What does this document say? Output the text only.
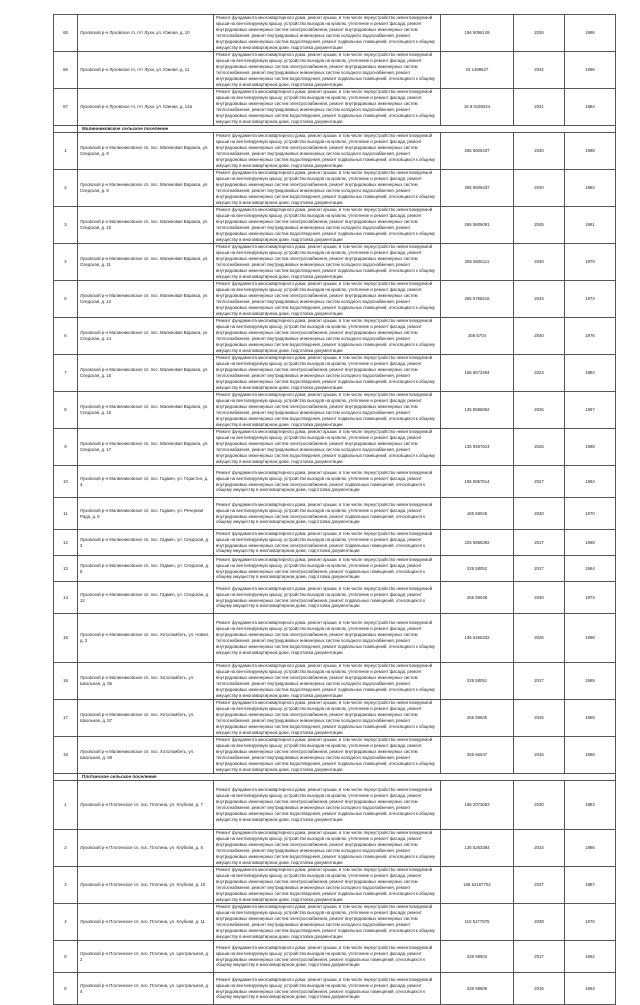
65	Луховской р-н Луховское гп, пгт Лухи, ул. Южная, д. 10	Ремонт фундамента многоквартирного дома, ремонт крыши, в том числе переустройство невентилируемой крыши на вентилируемую крышу, устройство выходов на кровлю, утепление и ремонт фасада, ремонт внутридомовых инженерных систем электроснабжения, ремонт внутридомовых инженерных систем теплоснабжения, ремонт внутридомовых инженерных систем холодного водоснабжения, ремонт внутридомовых инженерных систем водоотведения, ремонт подвальных помещений, относящихся к общему имуществу в многоквартирном доме, подготовка документации	156 5096149	2026	1986
66	Луховской р-н Луховское гп, пгт Лухи, ул. Южная, д. 11	Ремонт фундамента многоквартирного дома, ремонт крыши, в том числе переустройство невентилируемой крыши на вентилируемую крышу, устройство выходов на кровлю, утепление и ремонт фасада, ремонт внутридомовых инженерных систем электроснабжения, ремонт внутридомовых инженерных систем теплоснабжения, ремонт внутридомовых инженерных систем холодного водоснабжения, ремонт внутридомовых инженерных систем водоотведения, ремонт подвальных помещений, относящихся к общему имуществу в многоквартирном доме, подготовка документации	15 1488627	2042	1996
67	Луховской р-н Луховское гп, пгт Лухи, ул. Южная, д. 14а	Ремонт фундамента многоквартирного дома, ремонт крыши, в том числе переустройство невентилируемой крыши на вентилируемую крышу, устройство выходов на кровлю, утепление и ремонт фасада, ремонт внутридомовых инженерных систем электроснабжения, ремонт внутридомовых инженерных систем теплоснабжения, ремонт внутридомовых инженерных систем холодного водоснабжения, ремонт внутридомовых инженерных систем водоотведения, ремонт подвальных помещений, относящихся к общему имуществу в многоквартирном доме, подготовка документации	16 8 0199224	2041	1984
	Малинниковское сельское поселение				
1	Луховской р-н Малинниковское сп, пос. Малиновая Варакса, ул. Спедская, д. 8	Ремонт фундамента многоквартирного дома, ремонт крыши, в том числе переустройство невентилируемой крыши на вентилируемую крышу, устройство выходов на кровлю, утепление и ремонт фасада, ремонт внутридомовых инженерных систем электроснабжения, ремонт внутридомовых инженерных систем теплоснабжения, ремонт внутридомовых инженерных систем холодного водоснабжения, ремонт внутридомовых инженерных систем водоотведения, ремонт подвальных помещений, относящихся к общему имуществу в многоквартирном доме, подготовка документации	265 5606437	2040	1985
2	Луховской р-н Малинниковское сп, пос. Малиновая Варакса, ул. Спедская, д. 9	Ремонт фундамента многоквартирного дома, ремонт крыши, в том числе переустройство невентилируемой крыши на вентилируемую крышу, устройство выходов на кровлю, утепление и ремонт фасада, ремонт внутридомовых инженерных систем электроснабжения, ремонт внутридомовых инженерных систем теплоснабжения, ремонт внутридомовых инженерных систем холодного водоснабжения, ремонт внутридомовых инженерных систем водоотведения, ремонт подвальных помещений, относящихся к общему имуществу в многоквартирном доме, подготовка документации	265 5606437	2040	1984
3	Луховской р-н Малинниковское сп, пос. Малиновая Варакса, ул. Спедская, д. 10	Ремонт фундамента многоквартирного дома, ремонт крыши, в том числе переустройство невентилируемой крыши на вентилируемую крышу, устройство выходов на кровлю, утепление и ремонт фасада, ремонт внутридомовых инженерных систем электроснабжения, ремонт внутридомовых инженерных систем теплоснабжения, ремонт внутридомовых инженерных систем холодного водоснабжения, ремонт внутридомовых инженерных систем водоотведения, ремонт подвальных помещений, относящихся к общему имуществу в многоквартирном доме, подготовка документации	265 5606091	2045	1981
4	Луховской р-н Малинниковское сп, пос. Малиновая Варакса, ул. Спедская, д. 11	Ремонт фундамента многоквартирного дома, ремонт крыши, в том числе переустройство невентилируемой крыши на вентилируемую крышу, устройство выходов на кровлю, утепление и ремонт фасада, ремонт внутридомовых инженерных систем электроснабжения, ремонт внутридомовых инженерных систем теплоснабжения, ремонт внутридомовых инженерных систем холодного водоснабжения, ремонт внутридомовых инженерных систем водоотведения, ремонт подвальных помещений, относящихся к общему имуществу в многоквартирном доме, подготовка документации	265 5606111	2040	1979
5	Луховской р-н Малинниковское сп, пос. Малиновая Варакса, ул. Спедская, д. 12	Ремонт фундамента многоквартирного дома, ремонт крыши, в том числе переустройство невентилируемой крыши на вентилируемую крышу, устройство выходов на кровлю, утепление и ремонт фасада, ремонт внутридомовых инженерных систем электроснабжения, ремонт внутридомовых инженерных систем теплоснабжения, ремонт внутридомовых инженерных систем холодного водоснабжения, ремонт внутридомовых инженерных систем водоотведения, ремонт подвальных помещений, относящихся к общему имуществу в многоквартирном доме, подготовка документации	265 5768216	2044	1973
6	Луховской р-н Малинниковское сп, пос. Малиновая Варакса, ул. Спедская, д. 14	Ремонт фундамента многоквартирного дома, ремонт крыши, в том числе переустройство невентилируемой крыши на вентилируемую крышу, устройство выходов на кровлю, утепление и ремонт фасада, ремонт внутридомовых инженерных систем электроснабжения, ремонт внутридомовых инженерных систем теплоснабжения, ремонт внутридомовых инженерных систем холодного водоснабжения, ремонт внутридомовых инженерных систем водоотведения, ремонт подвальных помещений, относящихся к общему имуществу в многоквартирном доме, подготовка документации	256 6704	2040	1976
7	Луховской р-н Малинниковское сп, пос. Малиновая Варакса, ул. Спедская, д. 15	Ремонт фундамента многоквартирного дома, ремонт крыши, в том числе переустройство невентилируемой крыши на вентилируемую крышу, устройство выходов на кровлю, утепление и ремонт фасада, ремонт внутридомовых инженерных систем электроснабжения, ремонт внутридомовых инженерных систем теплоснабжения, ремонт внутридомовых инженерных систем холодного водоснабжения, ремонт внутридомовых инженерных систем водоотведения, ремонт подвальных помещений, относящихся к общему имуществу в многоквартирном доме, подготовка документации	165 6572294	2023	1984
8	Луховской р-н Малинниковское сп, пос. Малиновая Варакса, ул. Спедская, д. 16	Ремонт фундамента многоквартирного дома, ремонт крыши, в том числе переустройство невентилируемой крыши на вентилируемую крышу, устройство выходов на кровлю, утепление и ремонт фасада, ремонт внутридомовых инженерных систем электроснабжения, ремонт внутридомовых инженерных систем теплоснабжения, ремонт внутридомовых инженерных систем холодного водоснабжения, ремонт внутридомовых инженерных систем водоотведения, ремонт подвальных помещений, относящихся к общему имуществу в многоквартирном доме, подготовка документации	135 5586662	2026	1987
9	Луховской р-н Малинниковское сп, пос. Малиновая Варакса, ул. Спедская, д. 17	Ремонт фундамента многоквартирного дома, ремонт крыши, в том числе переустройство невентилируемой крыши на вентилируемую крышу, устройство выходов на кровлю, утепление и ремонт фасада, ремонт внутридомовых инженерных систем электроснабжения, ремонт внутридомовых инженерных систем теплоснабжения, ремонт внутридомовых инженерных систем холодного водоснабжения, ремонт внутридомовых инженерных систем водоотведения, ремонт подвальных помещений, относящихся к общему имуществу в многоквартирном доме, подготовка документации	135 9487624	2025	1985
10	Луховской р-н Малинниковское сп, пос. Гадмен, ул. Горастен, д. 4	Ремонт фундамента многоквартирного дома, ремонт крыши, в том числе переустройство невентилируемой крыши на вентилируемую крышу, устройство выходов на кровлю, утепление и ремонт фасада, ремонт внутридомовых инженерных систем электроснабжения, ремонт подвальных помещений, относящихся к общему имуществу в многоквартирном доме, подготовка документации	156 5957514	2027	1984
11	Луховской р-н Малинниковское сп, пос. Гадмен, ул. Речерная Рада, д. 6	Ремонт фундамента многоквартирного дома, ремонт крыши, в том числе переустройство невентилируемой крыши на вентилируемую крышу, устройство выходов на кровлю, утепление и ремонт фасада, ремонт внутридомовых инженерных систем электроснабжения, ремонт подвальных помещений, относящихся к общему имуществу в многоквартирном доме, подготовка документации	165 58045	2040	1970
12	Луховской р-н Малинниковское сп, пос. Гадмен, ул. Спедская, д. 3	Ремонт фундамента многоквартирного дома, ремонт крыши, в том числе переустройство невентилируемой крыши на вентилируемую крышу, устройство выходов на кровлю, утепление и ремонт фасада, ремонт внутридомовых инженерных систем электроснабжения, ремонт подвальных помещений, относящихся к общему имуществу в многоквартирном доме, подготовка документации	225 5956392	2017	1965
13	Луховской р-н Малинниковское сп, пос. Гадмен, ул. Спедская, д. 9	Ремонт фундамента многоквартирного дома, ремонт крыши, в том числе переустройство невентилируемой крыши на вентилируемую крышу, устройство выходов на кровлю, утепление и ремонт фасада, ремонт внутридомовых инженерных систем электроснабжения, ремонт подвальных помещений, относящихся к общему имуществу в многоквартирном доме, подготовка документации	225 58052	2017	1964
14	Луховской р-н Малинниковское сп, пос. Гадмен, ул. Спедская, д. 12	Ремонт фундамента многоквартирного дома, ремонт крыши, в том числе переустройство невентилируемой крыши на вентилируемую крышу, устройство выходов на кровлю, утепление и ремонт фасада, ремонт внутридомовых инженерных систем электроснабжения, ремонт подвальных помещений, относящихся к общему имуществу в многоквартирном доме, подготовка документации	265 58048	2040	1973
15	Луховской р-н Малинниковское сп, пос. Хотоломбеть, ул. Новая, д. 2	Ремонт фундамента многоквартирного дома, ремонт крыши, в том числе переустройство невентилируемой крыши на вентилируемую крышу, устройство выходов на кровлю, утепление и ремонт фасада, ремонт внутридомовых инженерных систем электроснабжения, ремонт внутридомовых инженерных систем теплоснабжения, ремонт внутридомовых инженерных систем холодного водоснабжения, ремонт внутридомовых инженерных систем водоотведения, ремонт подвальных помещений, относящихся к общему имуществу в многоквартирном доме, подготовка документации	135 5456332	2026	1990
16	Луховской р-н Малинниковское сп, пос. Хотоломбеть, ул. Школьная, д. 55	Ремонт фундамента многоквартирного дома, ремонт крыши, в том числе переустройство невентилируемой крыши на вентилируемую крышу, устройство выходов на кровлю, утепление и ремонт фасада, ремонт внутридомовых инженерных систем электроснабжения, ремонт внутридомовых инженерных систем теплоснабжения, ремонт внутридомовых инженерных систем холодного водоснабжения, ремонт внутридомовых инженерных систем водоотведения, ремонт подвальных помещений, относящихся к общему имуществу в многоквартирном доме, подготовка документации	225 58051	2017	1965
17	Луховской р-н Малинниковское сп, пос. Хотоломбеть, ул. Школьная, д. 57	Ремонт фундамента многоквартирного дома, ремонт крыши, в том числе переустройство невентилируемой крыши на вентилируемую крышу, устройство выходов на кровлю, утепление и ремонт фасада, ремонт внутридомовых инженерных систем электроснабжения, ремонт внутридомовых инженерных систем теплоснабжения, ремонт внутридомовых инженерных систем холодного водоснабжения, ремонт внутридомовых инженерных систем водоотведения, ремонт подвальных помещений, относящихся к общему имуществу в многоквартирном доме, подготовка документации	265 58645	2045	1965
18	Луховской р-н Малинниковское сп, пос. Хотоломбеть, ул. Школьная, д. 59	Ремонт фундамента многоквартирного дома, ремонт крыши, в том числе переустройство невентилируемой крыши на вентилируемую крышу, устройство выходов на кровлю, утепление и ремонт фасада, ремонт внутридомовых инженерных систем электроснабжения, ремонт внутридомовых инженерных систем теплоснабжения, ремонт внутридомовых инженерных систем холодного водоснабжения, ремонт внутридомовых инженерных систем водоотведения, ремонт подвальных помещений, относящихся к общему имуществу в многоквартирном доме, подготовка документации	265 66047	2045	1965
	Плотинское сельское поселение				
1	Луховской р-н Плотинское сп, пос. Плотина, ул. Клубная, д. 7	Ремонт фундамента многоквартирного дома, ремонт крыши, в том числе переустройство невентилируемой крыши на вентилируемую крышу, устройство выходов на кровлю, утепление и ремонт фасада, ремонт внутридомовых инженерных систем электроснабжения, ремонт внутридомовых инженерных систем теплоснабжения, ремонт внутридомовых инженерных систем холодного водоснабжения, ремонт внутридомовых инженерных систем водоотведения, ремонт подвальных помещений, относящихся к общему имуществу в многоквартирном доме, подготовка документации	156 2073683	2030	1983
2	Луховской р-н Плотинское сп, пос. Плотина, ул. Клубная, д. 8	Ремонт фундамента многоквартирного дома, ремонт крыши, в том числе переустройство невентилируемой крыши на вентилируемую крышу, устройство выходов на кровлю, утепление и ремонт фасада, ремонт внутридомовых инженерных систем электроснабжения, ремонт внутридомовых инженерных систем теплоснабжения, ремонт внутридомовых инженерных систем холодного водоснабжения, ремонт внутридомовых инженерных систем водоотведения, ремонт подвальных помещений, относящихся к общему имуществу в многоквартирном доме, подготовка документации	135 5253384	2034	1985
3	Луховской р-н Плотинское сп, пос. Плотина, ул. Клубная, д. 10	Ремонт фундамента многоквартирного дома, ремонт крыши, в том числе переустройство невентилируемой крыши на вентилируемую крышу, устройство выходов на кровлю, утепление и ремонт фасада, ремонт внутридомовых инженерных систем электроснабжения, ремонт внутридомовых инженерных систем теплоснабжения, ремонт внутридомовых инженерных систем холодного водоснабжения, ремонт внутридомовых инженерных систем водоотведения, ремонт подвальных помещений, относящихся к общему имуществу в многоквартирном доме, подготовка документации	156 52167752	2037	1987
4	Луховской р-н Плотинское сп, пос. Плотина, ул. Клубная, д. 11	Ремонт фундамента многоквартирного дома, ремонт крыши, в том числе переустройство невентилируемой крыши на вентилируемую крышу, устройство выходов на кровлю, утепление и ремонт фасада, ремонт внутридомовых инженерных систем электроснабжения, ремонт внутридомовых инженерных систем теплоснабжения, ремонт внутридомовых инженерных систем холодного водоснабжения, ремонт внутридомовых инженерных систем водоотведения, ремонт подвальных помещений, относящихся к общему имуществу в многоквартирном доме, подготовка документации	115 5177975	2038	1976
5	Луховской р-н Плотинское сп, пос. Плотина, ул. Центральная, д. 2	Ремонт фундамента многоквартирного дома, ремонт крыши, в том числе переустройство невентилируемой крыши на вентилируемую крышу, устройство выходов на кровлю, утепление и ремонт фасада, ремонт внутридомовых инженерных систем электроснабжения, ремонт подвальных помещений, относящихся к общему имуществу в многоквартирном доме, подготовка документации	226 59504	2017	1962
6	Луховской р-н Плотинское сп, пос. Плотина, ул. Центральная, д. 4	Ремонт фундамента многоквартирного дома, ремонт крыши, в том числе переустройство невентилируемой крыши на вентилируемую крышу, устройство выходов на кровлю, утепление и ремонт фасада, ремонт внутридомовых инженерных систем электроснабжения, ремонт подвальных помещений, относящихся к общему имуществу в многоквартирном доме, подготовка документации	226 59509	2016	1963
